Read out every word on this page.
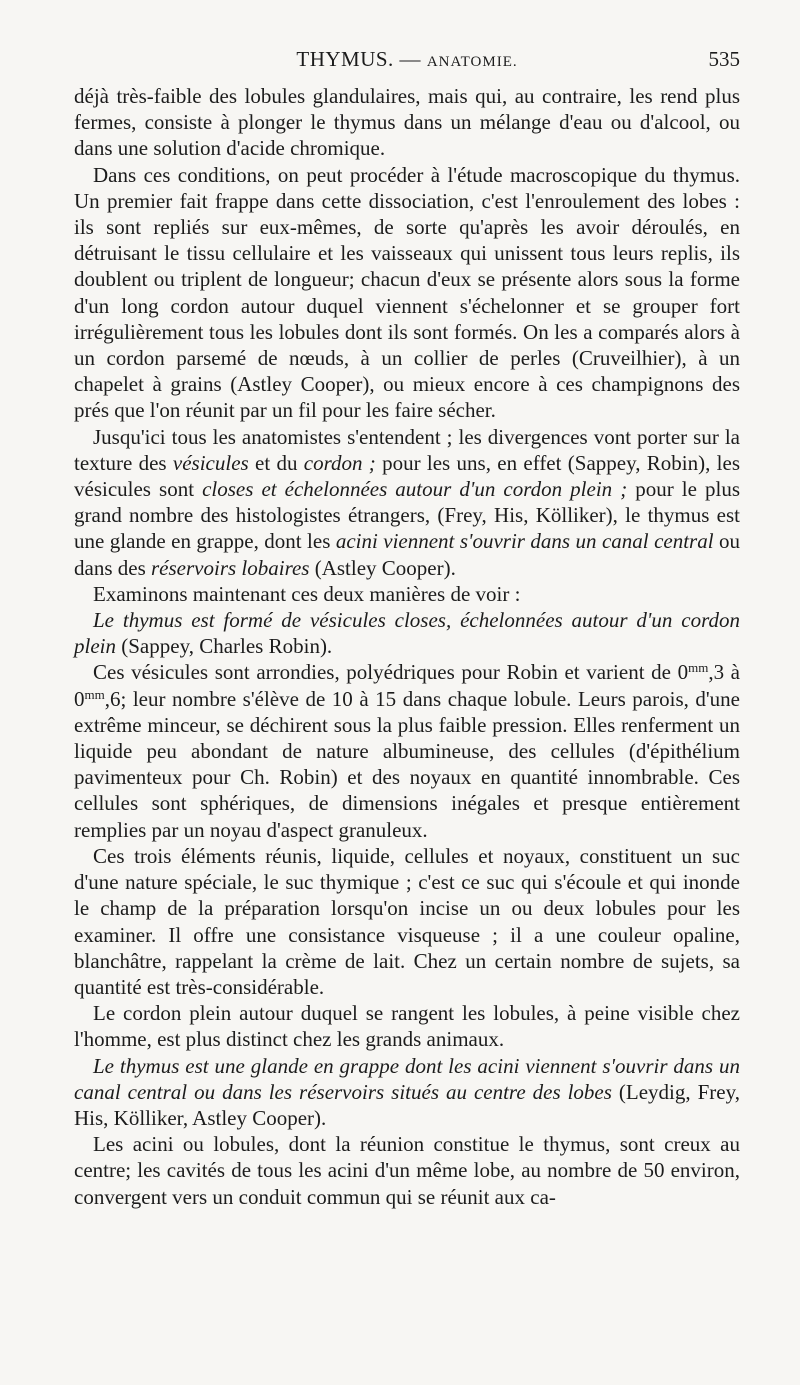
THYMUS. — ANATOMIE.	535

déjà très-faible des lobules glandulaires, mais qui, au contraire, les rend plus fermes, consiste à plonger le thymus dans un mélange d'eau ou d'alcool, ou dans une solution d'acide chromique.

Dans ces conditions, on peut procéder à l'étude macroscopique du thymus. Un premier fait frappe dans cette dissociation, c'est l'enroulement des lobes : ils sont repliés sur eux-mêmes, de sorte qu'après les avoir déroulés, en détruisant le tissu cellulaire et les vaisseaux qui unissent tous leurs replis, ils doublent ou triplent de longueur; chacun d'eux se présente alors sous la forme d'un long cordon autour duquel viennent s'échelonner et se grouper fort irrégulièrement tous les lobules dont ils sont formés. On les a comparés alors à un cordon parsemé de nœuds, à un collier de perles (Cruveilhier), à un chapelet à grains (Astley Cooper), ou mieux encore à ces champignons des prés que l'on réunit par un fil pour les faire sécher.

Jusqu'ici tous les anatomistes s'entendent ; les divergences vont porter sur la texture des vésicules et du cordon ; pour les uns, en effet (Sappey, Robin), les vésicules sont closes et échelonnées autour d'un cordon plein ; pour le plus grand nombre des histologistes étrangers, (Frey, His, Kölliker), le thymus est une glande en grappe, dont les acini viennent s'ouvrir dans un canal central ou dans des réservoirs lobaires (Astley Cooper).

Examinons maintenant ces deux manières de voir :

Le thymus est formé de vésicules closes, échelonnées autour d'un cordon plein (Sappey, Charles Robin).

Ces vésicules sont arrondies, polyédriques pour Robin et varient de $0^{mm},3$ à $0^{mm},6$; leur nombre s'élève de 10 à 15 dans chaque lobule. Leurs parois, d'une extrême minceur, se déchirent sous la plus faible pression. Elles renferment un liquide peu abondant de nature albumineuse, des cellules (d'épithélium pavimenteux pour Ch. Robin) et des noyaux en quantité innombrable. Ces cellules sont sphériques, de dimensions inégales et presque entièrement remplies par un noyau d'aspect granuleux.

Ces trois éléments réunis, liquide, cellules et noyaux, constituent un suc d'une nature spéciale, le suc thymique ; c'est ce suc qui s'écoule et qui inonde le champ de la préparation lorsqu'on incise un ou deux lobules pour les examiner. Il offre une consistance visqueuse ; il a une couleur opaline, blanchâtre, rappelant la crème de lait. Chez un certain nombre de sujets, sa quantité est très-considérable.

Le cordon plein autour duquel se rangent les lobules, à peine visible chez l'homme, est plus distinct chez les grands animaux.

Le thymus est une glande en grappe dont les acini viennent s'ouvrir dans un canal central ou dans les réservoirs situés au centre des lobes (Leydig, Frey, His, Kölliker, Astley Cooper).

Les acini ou lobules, dont la réunion constitue le thymus, sont creux au centre; les cavités de tous les acini d'un même lobe, au nombre de 50 environ, convergent vers un conduit commun qui se réunit aux ca-
